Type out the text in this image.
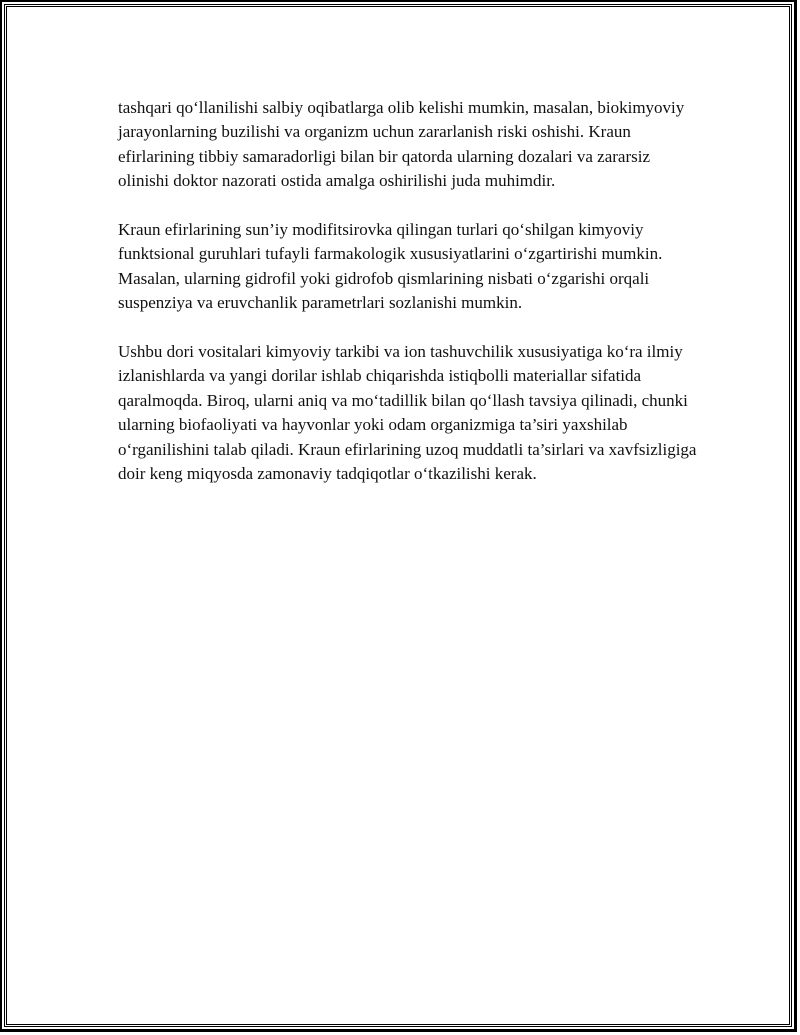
tashqari qo‘llanilishi salbiy oqibatlarga olib kelishi mumkin, masalan, biokimyoviy jarayonlarning buzilishi va organizm uchun zararlanish riski oshishi. Kraun efirlarining tibbiy samaradorligi bilan bir qatorda ularning dozalari va zararsiz olinishi doktor nazorati ostida amalga oshirilishi juda muhimdir.

Kraun efirlarining sun’iy modifitsirovka qilingan turlari qo‘shilgan kimyoviy funktsional guruhlari tufayli farmakologik xususiyatlarini o‘zgartirishi mumkin. Masalan, ularning gidrofil yoki gidrofob qismlarining nisbati o‘zgarishi orqali suspenziya va eruvchanlik parametrlari sozlanishi mumkin.

Ushbu dori vositalari kimyoviy tarkibi va ion tashuvchilik xususiyatiga ko‘ra ilmiy izlanishlarda va yangi dorilar ishlab chiqarishda istiqbolli materiallar sifatida qaralmoqda. Biroq, ularni aniq va mo‘tadillik bilan qo‘llash tavsiya qilinadi, chunki ularning biofaoliyati va hayvonlar yoki odam organizmiga ta’siri yaxshilab o‘rganilishini talab qiladi. Kraun efirlarining uzoq muddatli ta’sirlari va xavfsizligiga doir keng miqyosda zamonaviy tadqiqotlar o‘tkazilishi kerak.
